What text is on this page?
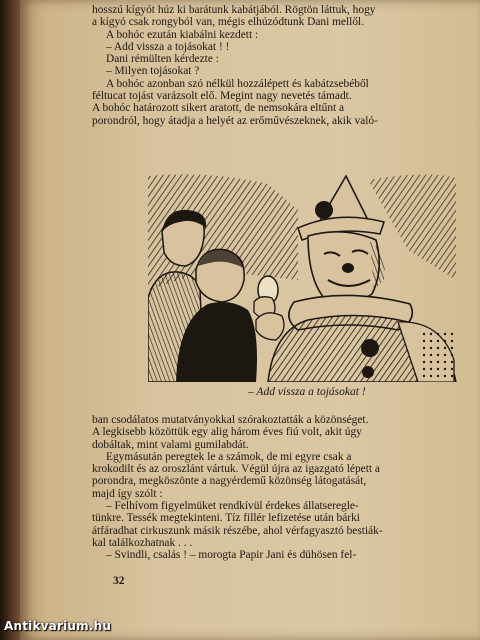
hosszú kígyót húz ki barátunk kabátjából. Rögtön láttuk, hogy
a kígyó csak rongyból van, mégis elhúzódtunk Dani mellől.
A bohóc ezután kiabálni kezdett :
– Add vissza a tojásokat ! !
Dani rémülten kérdezte :
– Milyen tojásokat ?
A bohóc azonban szó nélkül hozzálépett és kabátzsebéből
féltucat tojást varázsolt elő. Megint nagy nevetés támadt.
A bohóc határozott sikert aratott, de nemsokára eltűnt a
porondról, hogy átadja a helyét az erőművészeknek, akik való-
– Add vissza a tojásokat !
ban csodálatos mutatványokkal szórakoztatták a közönséget.
A legkisebb közöttük egy alig három éves fiú volt, akit úgy
dobáltak, mint valami gumilabdát.
Egymásután peregtek le a számok, de mi egyre csak a
krokodilt és az oroszlánt vártuk. Végül újra az igazgató lépett a
porondra, megköszönte a nagyérdemű közönség látogatását,
majd így szólt :
– Felhívom figyelmüket rendkívül érdekes állatseregle-
tünkre. Tessék megtekinteni. Tíz fillér lefizetése után bárki
átfáradhat cirkuszunk másik részébe, ahol vérfagyasztó bestiák-
kal találkozhatnak . . .
– Svindli, csalás ! – morogta Papir Jani és dühösen fel-
32
Antikvarium.hu
